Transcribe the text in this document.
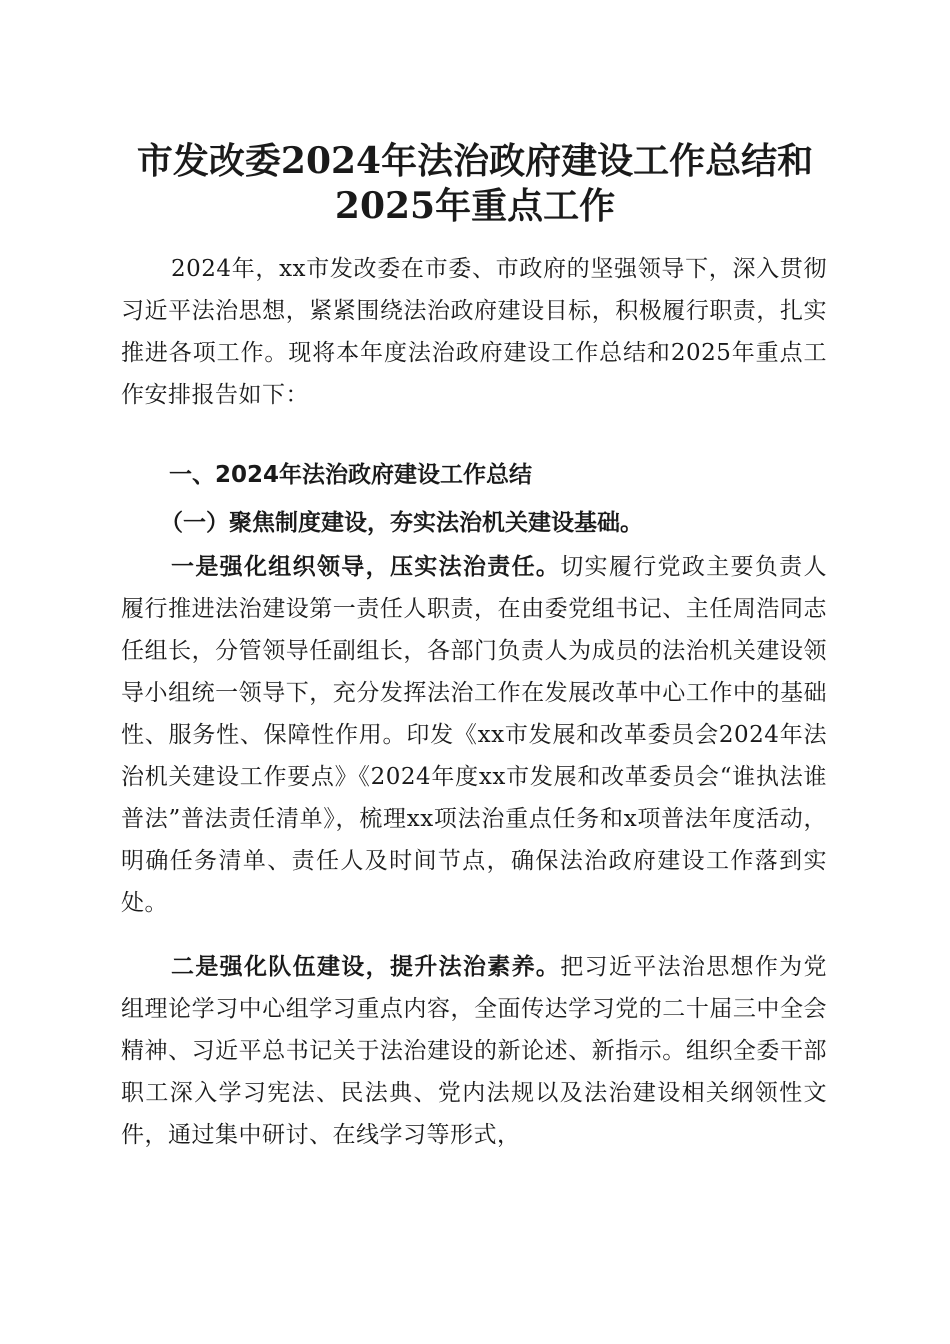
市发改委2024年法治政府建设工作总结和
2025年重点工作

2024年，xx市发改委在市委、市政府的坚强领导下，深入贯彻习近平法治思想，紧紧围绕法治政府建设目标，积极履行职责，扎实推进各项工作。现将本年度法治政府建设工作总结和2025年重点工作安排报告如下：

一、2024年法治政府建设工作总结
（一）聚焦制度建设，夯实法治机关建设基础。

一是强化组织领导，压实法治责任。切实履行党政主要负责人履行推进法治建设第一责任人职责，在由委党组书记、主任周浩同志任组长，分管领导任副组长，各部门负责人为成员的法治机关建设领导小组统一领导下，充分发挥法治工作在发展改革中心工作中的基础性、服务性、保障性作用。印发《xx市发展和改革委员会2024年法治机关建设工作要点》《2024年度xx市发展和改革委员会“谁执法谁普法”普法责任清单》，梳理xx项法治重点任务和x项普法年度活动，明确任务清单、责任人及时间节点，确保法治政府建设工作落到实处。

二是强化队伍建设，提升法治素养。把习近平法治思想作为党组理论学习中心组学习重点内容，全面传达学习党的二十届三中全会精神、习近平总书记关于法治建设的新论述、新指示。组织全委干部职工深入学习宪法、民法典、党内法规以及法治建设相关纲领性文件，通过集中研讨、在线学习等形式，
